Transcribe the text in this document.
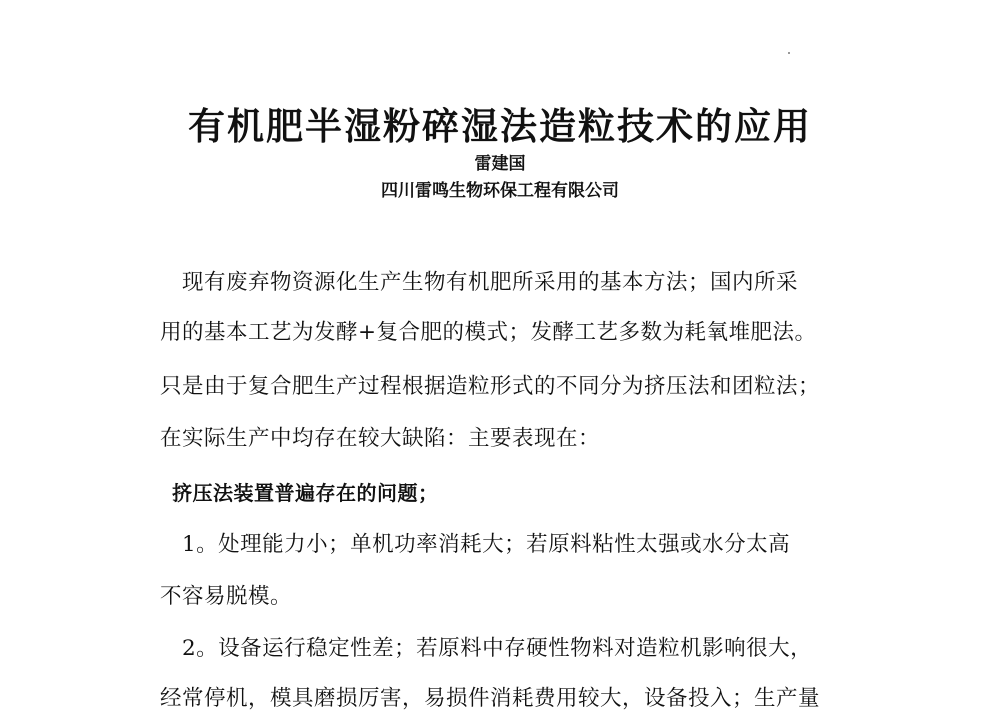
有机肥半湿粉碎湿法造粒技术的应用
雷建国
四川雷鸣生物环保工程有限公司
　现有废弃物资源化生产生物有机肥所采用的基本方法；国内所采
用的基本工艺为发酵+复合肥的模式；发酵工艺多数为耗氧堆肥法。
只是由于复合肥生产过程根据造粒形式的不同分为挤压法和团粒法；
在实际生产中均存在较大缺陷：主要表现在：
挤压法装置普遍存在的问题；
　1。处理能力小；单机功率消耗大；若原料粘性太强或水分太高
不容易脱模。
　2。设备运行稳定性差；若原料中存硬性物料对造粒机影响很大，
经常停机，模具磨损厉害，易损件消耗费用较大，设备投入；生产量
